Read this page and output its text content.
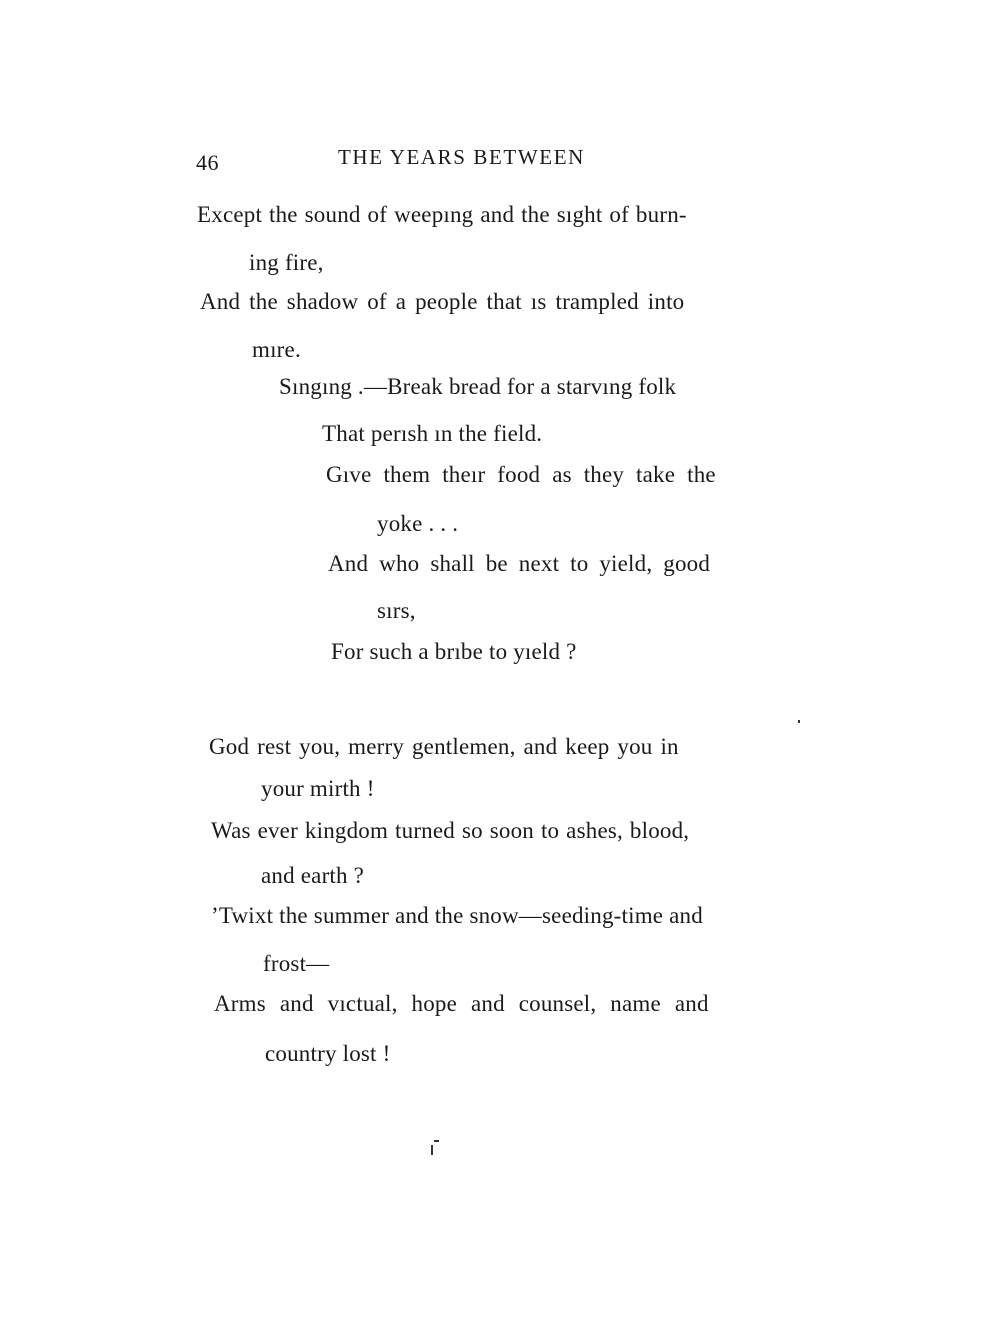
46	THE YEARS BETWEEN
Except the sound of weepıng and the sıght of burn-
ing fire,
And the shadow of a people that ıs trampled into
mıre.
Sıngıng .—Break bread for a starvıng folk
That perısh ın the field.
Gıve them theır food as they take the
yoke . . .
And who shall be next to yield, good
sırs,
For such a brıbe to yıeld ?
God rest you, merry gentlemen, and keep you in
your mirth !
Was ever kingdom turned so soon to ashes, blood,
and earth ?
’Twixt the summer and the snow—seeding-time and
frost—
Arms and vıctual, hope and counsel, name and
country lost !
